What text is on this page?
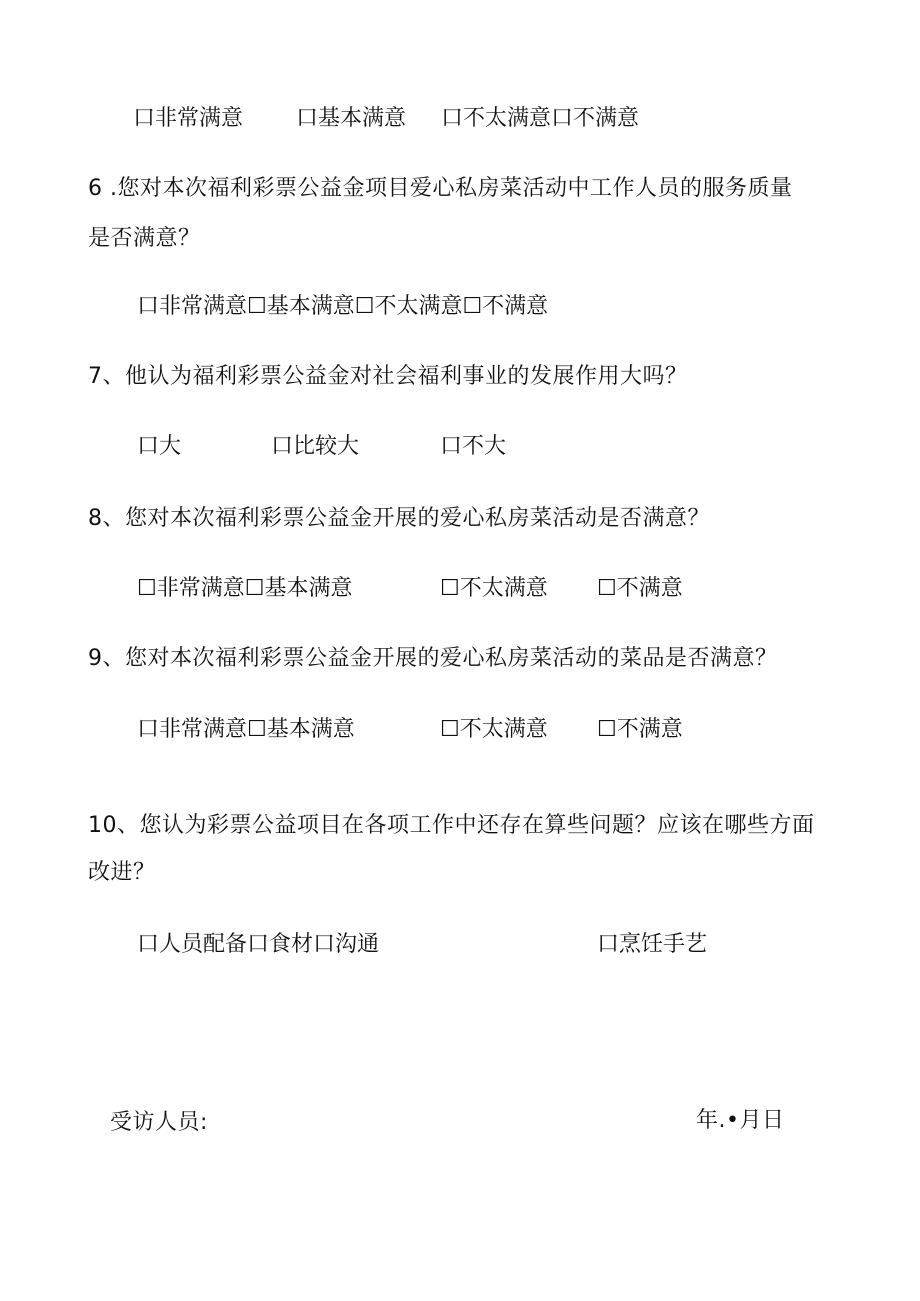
口非常满意 口基本满意 口不太满意口不满意
6 .您对本次福利彩票公益金项目爱心私房菜活动中工作人员的服务质量
是否满意？
口非常满意☐基本满意☐不太满意☐不满意
7、他认为福利彩票公益金对社会福利事业的发展作用大吗？
口大	口比较大	口不大
8、您对本次福利彩票公益金开展的爱心私房菜活动是否满意？
☐非常满意☐基本满意	☐不太满意 ☐不满意
9、您对本次福利彩票公益金开展的爱心私房菜活动的菜品是否满意？
口非常满意☐基本满意	☐不太满意 ☐不满意
10、您认为彩票公益项目在各项工作中还存在算些问题？应该在哪些方面
改进？
口人员配备口食材口沟通	口烹饪手艺
受访人员:	年.•月日
